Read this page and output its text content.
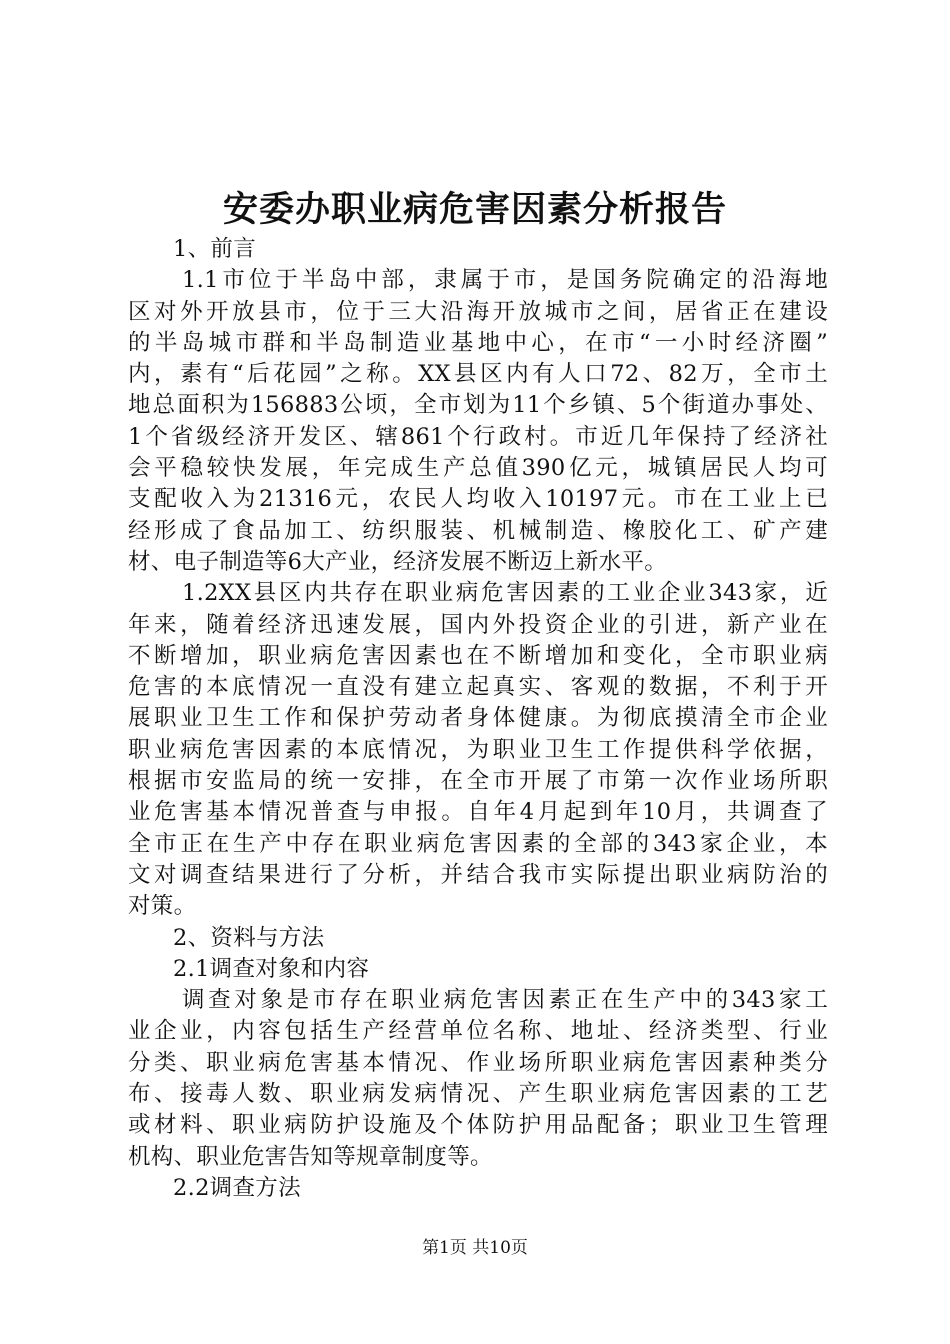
安委办职业病危害因素分析报告
1、前言
1.1市位于半岛中部，隶属于市，是国务院确定的沿海地
区对外开放县市，位于三大沿海开放城市之间，居省正在建设
的半岛城市群和半岛制造业基地中心，在市“一小时经济圈”
内，素有“后花园”之称。XX县区内有人口72、82万，全市土
地总面积为156883公顷，全市划为11个乡镇、5个街道办事处、
1个省级经济开发区、辖861个行政村。市近几年保持了经济社
会平稳较快发展，年完成生产总值390亿元，城镇居民人均可
支配收入为21316元，农民人均收入10197元。市在工业上已
经形成了食品加工、纺织服装、机械制造、橡胶化工、矿产建
材、电子制造等6大产业，经济发展不断迈上新水平。
1.2XX县区内共存在职业病危害因素的工业企业343家，近
年来，随着经济迅速发展，国内外投资企业的引进，新产业在
不断增加，职业病危害因素也在不断增加和变化，全市职业病
危害的本底情况一直没有建立起真实、客观的数据，不利于开
展职业卫生工作和保护劳动者身体健康。为彻底摸清全市企业
职业病危害因素的本底情况，为职业卫生工作提供科学依据，
根据市安监局的统一安排，在全市开展了市第一次作业场所职
业危害基本情况普查与申报。自年4月起到年10月，共调查了
全市正在生产中存在职业病危害因素的全部的343家企业，本
文对调查结果进行了分析，并结合我市实际提出职业病防治的
对策。
2、资料与方法
2.1调查对象和内容
调查对象是市存在职业病危害因素正在生产中的343家工
业企业，内容包括生产经营单位名称、地址、经济类型、行业
分类、职业病危害基本情况、作业场所职业病危害因素种类分
布、接毒人数、职业病发病情况、产生职业病危害因素的工艺
或材料、职业病防护设施及个体防护用品配备；职业卫生管理
机构、职业危害告知等规章制度等。
2.2调查方法
第1页 共10页
